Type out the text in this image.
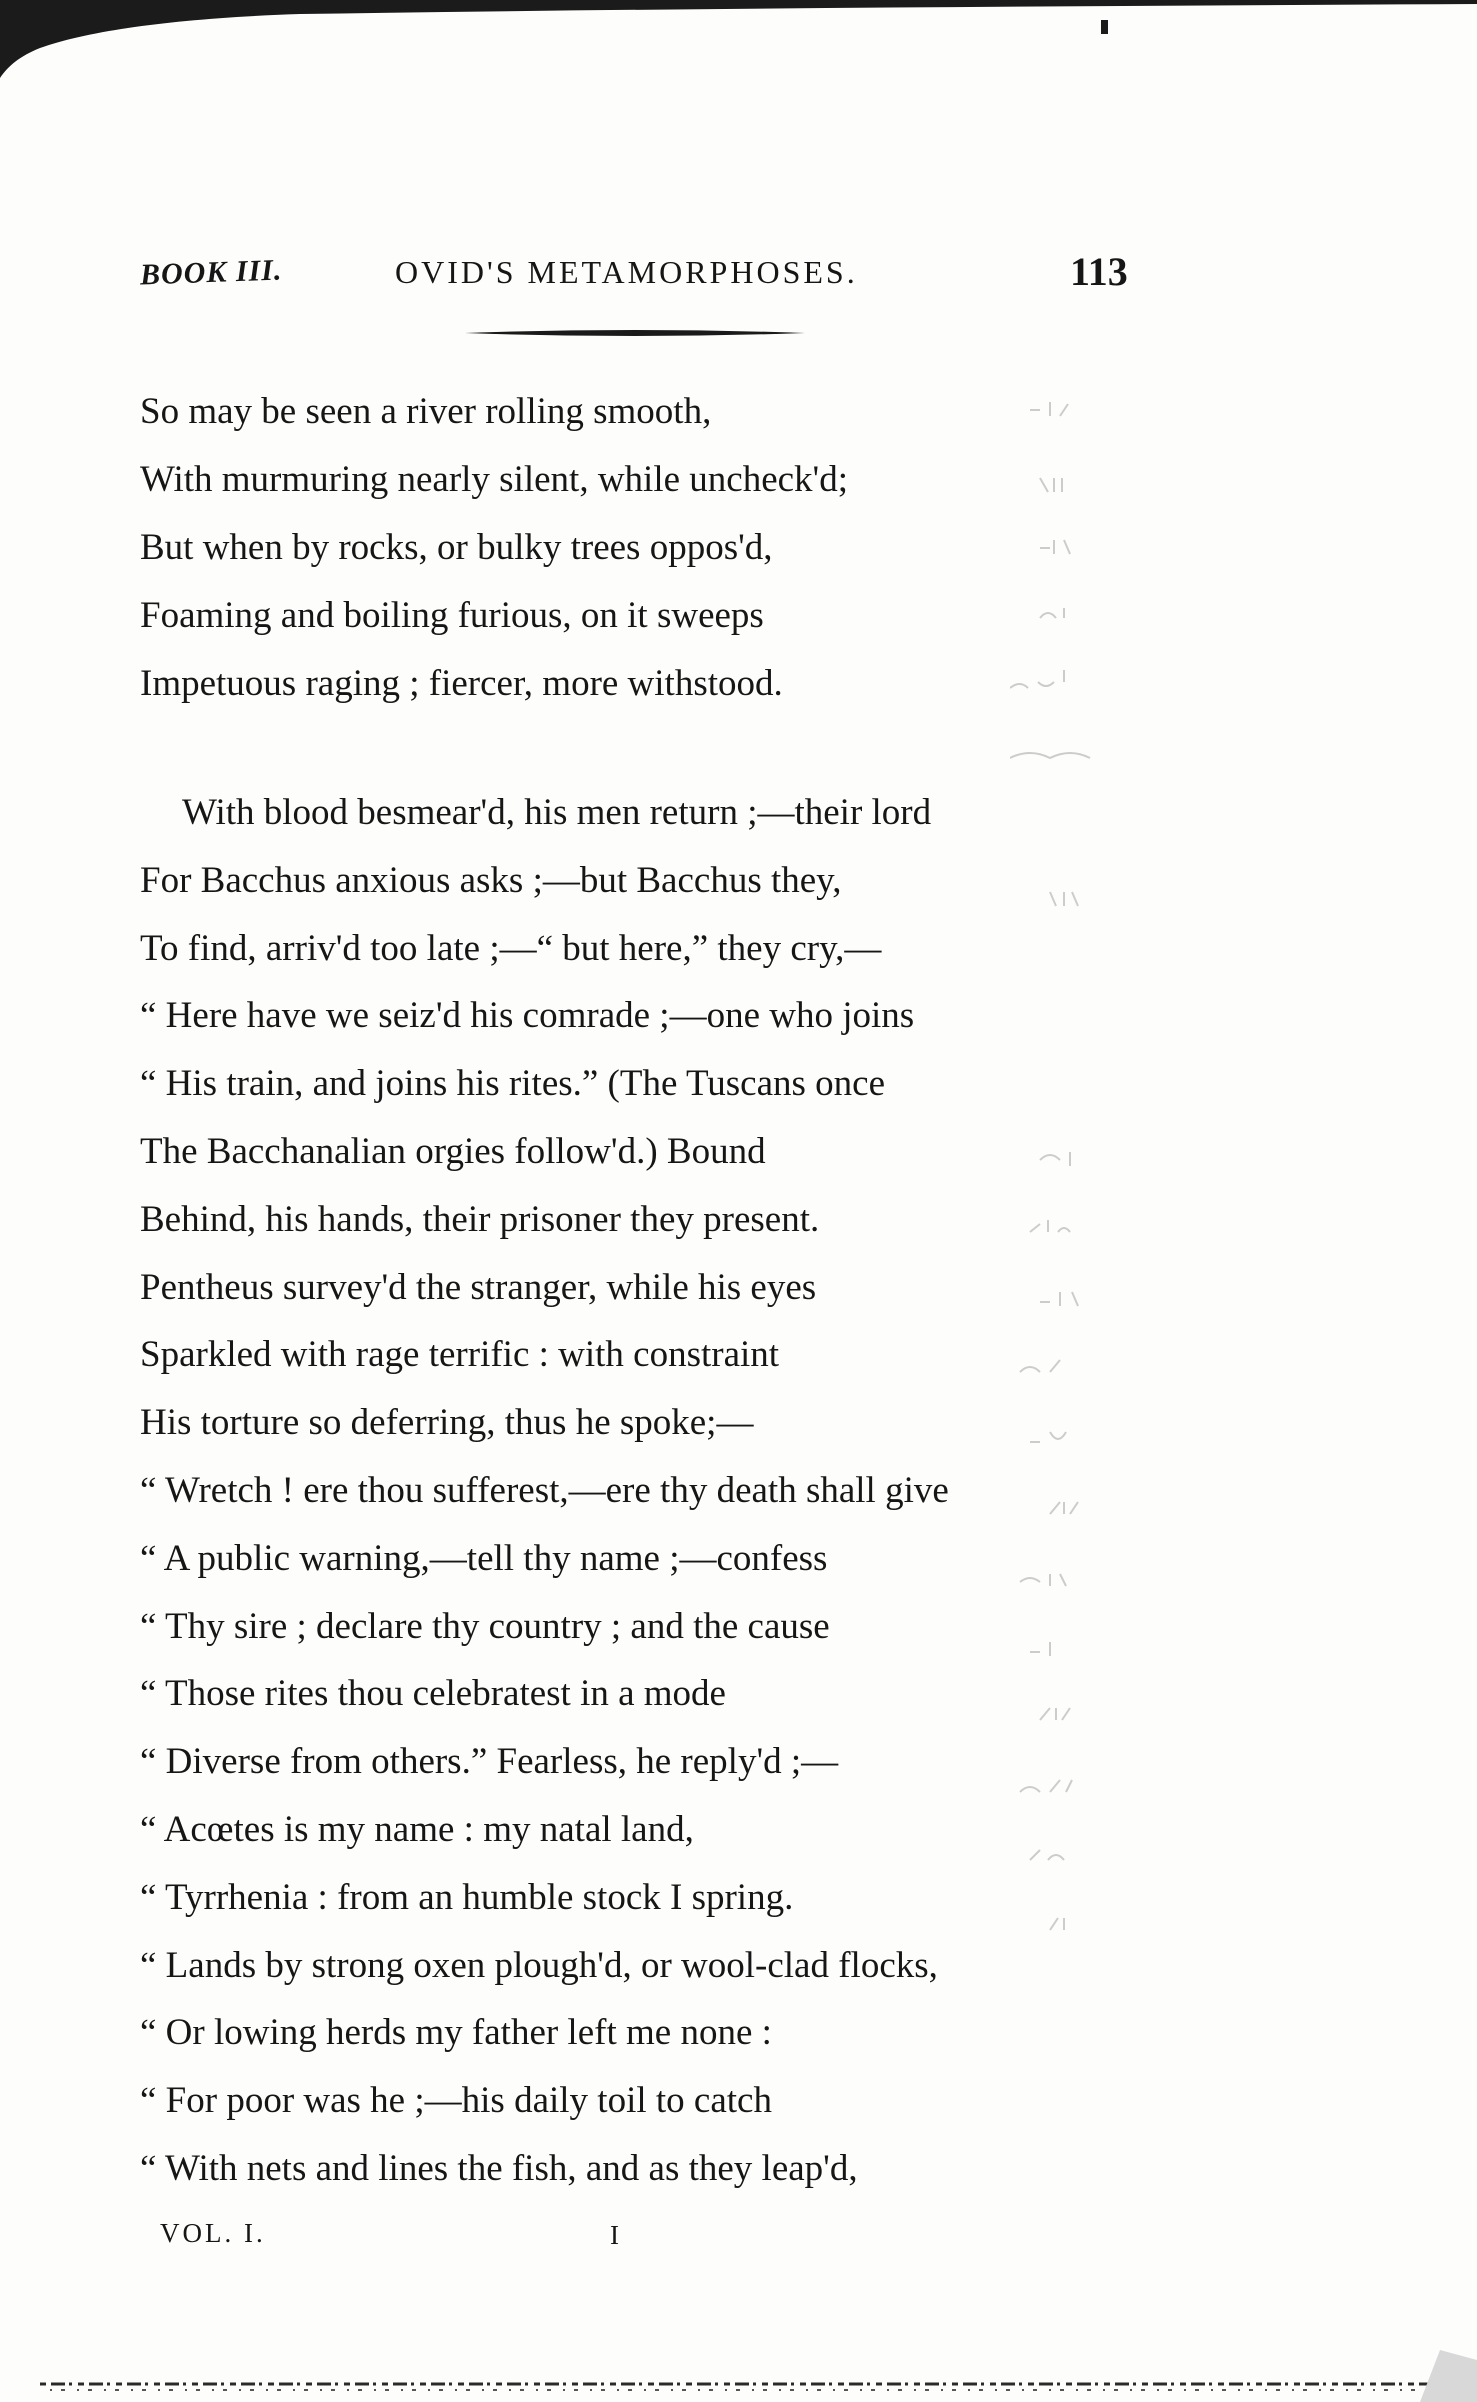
BOOK III.	OVID'S METAMORPHOSES.	113
So may be seen a river rolling smooth,
With murmuring nearly silent, while uncheck'd;
But when by rocks, or bulky trees oppos'd,
Foaming and boiling furious, on it sweeps
Impetuous raging ; fiercer, more withstood.
With blood besmear'd, his men return ;—their lord
For Bacchus anxious asks ;—but Bacchus they,
To find, arriv'd too late ;—“ but here,” they cry,—
“ Here have we seiz'd his comrade ;—one who joins
“ His train, and joins his rites.” (The Tuscans once
The Bacchanalian orgies follow'd.) Bound
Behind, his hands, their prisoner they present.
Pentheus survey'd the stranger, while his eyes
Sparkled with rage terrific : with constraint
His torture so deferring, thus he spoke;—
“ Wretch ! ere thou sufferest,—ere thy death shall give
“ A public warning,—tell thy name ;—confess
“ Thy sire ; declare thy country ; and the cause
“ Those rites thou celebratest in a mode
“ Diverse from others.” Fearless, he reply'd ;—
“ Acœtes is my name : my natal land,
“ Tyrrhenia : from an humble stock I spring.
“ Lands by strong oxen plough'd, or wool-clad flocks,
“ Or lowing herds my father left me none :
“ For poor was he ;—his daily toil to catch
“ With nets and lines the fish, and as they leap'd,
VOL. I.	I
